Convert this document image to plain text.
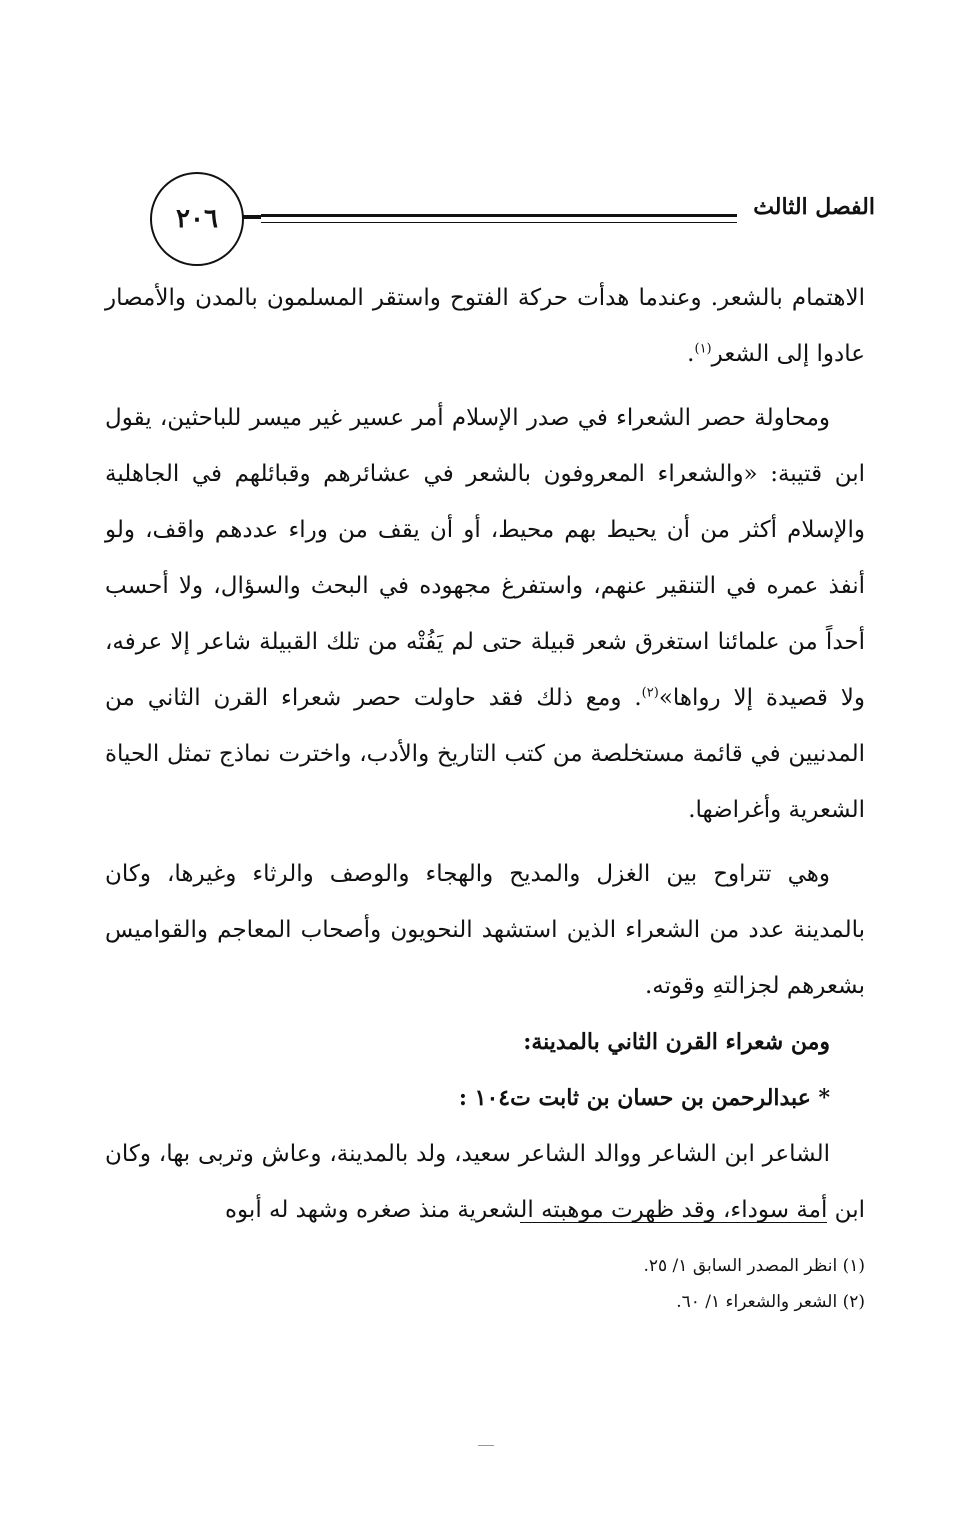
الفصل الثالث
٢٠٦

الاهتمام بالشعر. وعندما هدأت حركة الفتوح واستقر المسلمون بالمدن والأمصار عادوا إلى الشعر$^{(١)}$.

ومحاولة حصر الشعراء في صدر الإسلام أمر عسير غير ميسر للباحثين، يقول ابن قتيبة: «والشعراء المعروفون بالشعر في عشائرهم وقبائلهم في الجاهلية والإسلام أكثر من أن يحيط بهم محيط، أو أن يقف من وراء عددهم واقف، ولو أنفذ عمره في التنقير عنهم، واستفرغ مجهوده في البحث والسؤال، ولا أحسب أحداً من علمائنا استغرق شعر قبيلة حتى لم يَفُتْه من تلك القبيلة شاعر إلا عرفه، ولا قصيدة إلا رواها»$^{(٢)}$. ومع ذلك فقد حاولت حصر شعراء القرن الثاني من المدنيين في قائمة مستخلصة من كتب التاريخ والأدب، واخترت نماذج تمثل الحياة الشعرية وأغراضها.

وهي تتراوح بين الغزل والمديح والهجاء والوصف والرثاء وغيرها، وكان بالمدينة عدد من الشعراء الذين استشهد النحويون وأصحاب المعاجم والقواميس بشعرهم لجزالتهِ وقوته.

ومن شعراء القرن الثاني بالمدينة:

* عبدالرحمن بن حسان بن ثابت ت١٠٤ :

الشاعر ابن الشاعر ووالد الشاعر سعيد، ولد بالمدينة، وعاش وتربى بها، وكان ابن أمة سوداء، وقد ظهرت موهبته الشعرية منذ صغره وشهد له أبوه

(١) انظر المصدر السابق ١/ ٢٥.

(٢) الشعر والشعراء ١/ ٦٠.
